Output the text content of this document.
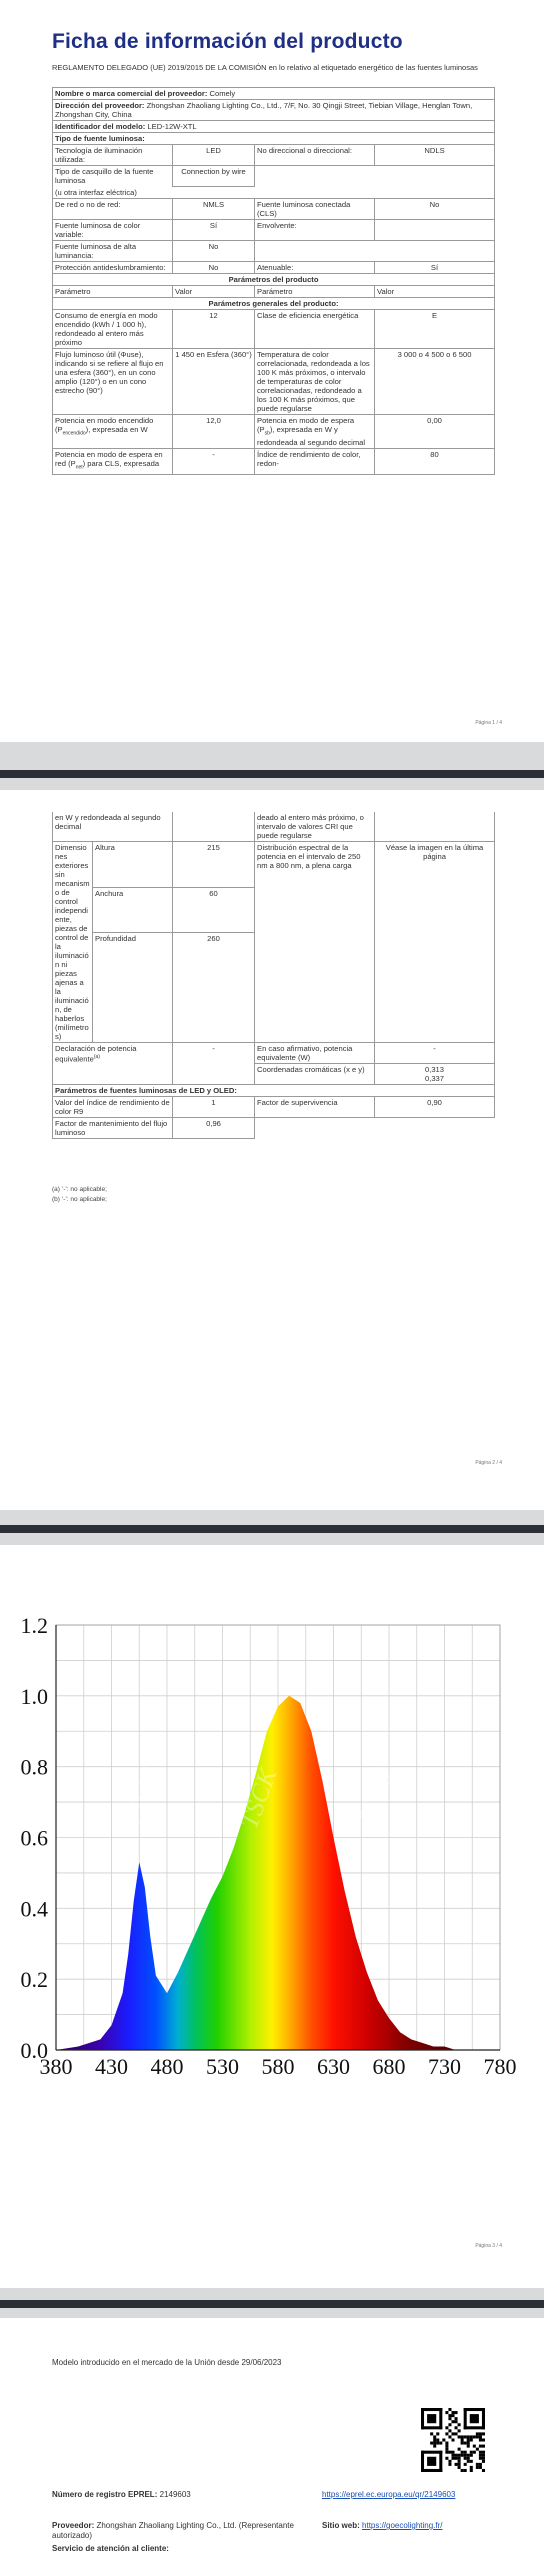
Ficha de información del producto
REGLAMENTO DELEGADO (UE) 2019/2015 DE LA COMISIÓN en lo relativo al etiquetado energético de las fuentes luminosas
Nombre o marca comercial del proveedor: Comely			
Dirección del proveedor: Zhongshan Zhaoliang Lighting Co., Ltd., 7/F, No. 30 Qingji Street, Tiebian Village, Henglan Town, Zhongshan City, China			
Identificador del modelo: LED-12W-XTL			
Tipo de fuente luminosa:			
Tecnología de iluminación utilizada:	LED	No direccional o direccional:	NDLS
Tipo de casquillo de la fuente luminosa	Connection by wire		
(u otra interfaz eléctrica)			
De red o no de red:	NMLS	Fuente luminosa conectada (CLS)	No
Fuente luminosa de color variable:	Sí	Envolvente:	
Fuente luminosa de alta luminancia:	No		
Protección antideslumbramiento:	No	Atenuable:	Sí
Parámetros del producto			
Parámetro	Valor	Parámetro	Valor
Parámetros generales del producto:			
Consumo de energía en modo encendido (kWh / 1 000 h), redondeado al entero más próximo	12	Clase de eficiencia energética	E
Flujo luminoso útil (Φuse), indicando si se refiere al flujo en una esfera (360°), en un cono amplio (120°) o en un cono estrecho (90°)	1 450 en Esfera (360°)	Temperatura de color correlacionada, redondeada a los 100 K más próximos, o intervalo de temperaturas de color correlacionadas, redondeado a los 100 K más próximos, que puede regularse	3 000 o 4 500 o 6 500
Potencia en modo encendido $(P_{encendido})$, expresada en W	12,0	Potencia en modo de espera $(P_{sb})$, expresada en W y redondeada al segundo decimal	0,00
Potencia en modo de espera en red $(P_{net})$ para CLS, expresada	-	Índice de rendimiento de color, redon-	80
Página 1 / 4
en W y redondeada al segundo decimal			deado al entero más próximo, o intervalo de valores CRI que puede regularse	
Dimensiones exteriores sin mecanismo de control independiente, piezas de control de la iluminación ni piezas ajenas a la iluminación, de haberlos (milímetros)	Altura	215	Distribución espectral de la potencia en el intervalo de 250 nm a 800 nm, a plena carga	Véase la imagen en la última página
	Anchura	60		
	Profundidad	260		
Declaración de potencia equivalente$^{(a)}$		-	En caso afirmativo, potencia equivalente (W)	-
			Coordenadas cromáticas (x e y)	0,313
0,337
Parámetros de fuentes luminosas de LED y OLED:				
Valor del índice de rendimiento de color R9		1	Factor de supervivencia	0,90
Factor de mantenimiento del flujo luminoso		0,96		
(a) ‘-’: no aplicable;
(b) ‘-’: no aplicable;
Página 2 / 4
TSCK	TSCK	TSCK
380 430 480 530 580 630 680 730 780
0.0
0.2
0.4
0.6
0.8
1.0
1.2
Página 3 / 4
Modelo introducido en el mercado de la Unión desde 29/06/2023
Número de registro EPREL: 2149603	https://eprel.ec.europa.eu/qr/2149603
Proveedor: Zhongshan Zhaoliang Lighting Co., Ltd. (Representante autorizado)
Sitio web: https://goecolighting.fr/
Servicio de atención al cliente:
